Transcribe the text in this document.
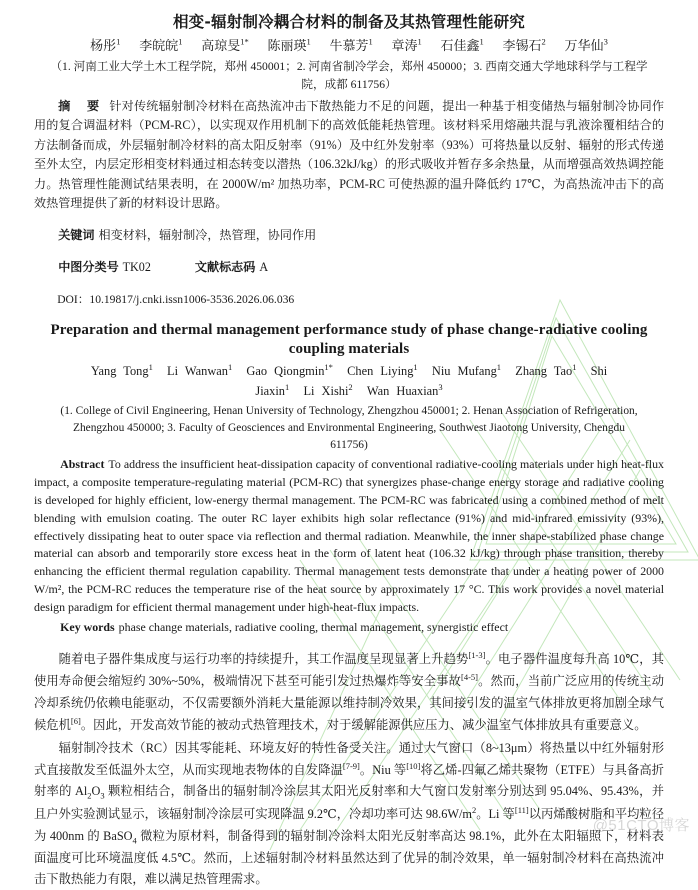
@51CTO博客
相变-辐射制冷耦合材料的制备及其热管理性能研究
杨彤$^1$ 李皖皖$^1$ 高琼旻$^{1*}$ 陈丽瑛$^1$ 牛慕芳$^1$ 章涛$^1$ 石佳鑫$^1$ 李锡石$^2$ 万华仙$^3$
（1. 河南工业大学土木工程学院，郑州 450001；2. 河南省制冷学会，郑州 450000；3. 西南交通大学地球科学与工程学院，成都 611756）

摘 要 针对传统辐射制冷材料在高热流冲击下散热能力不足的问题，提出一种基于相变储热与辐射制冷协同作用的复合调温材料（PCM-RC），以实现双作用机制下的高效低能耗热管理。该材料采用熔融共混与乳液涂覆相结合的方法制备而成，外层辐射制冷材料的高太阳反射率（91%）及中红外发射率（93%）可将热量以反射、辐射的形式传递至外太空，内层定形相变材料通过相态转变以潜热（106.32kJ/kg）的形式吸收并暂存多余热量，从而增强高效热调控能力。热管理性能测试结果表明，在 2000W/m² 加热功率，PCM-RC 可使热源的温升降低约 17℃，为高热流冲击下的高效热管理提供了新的材料设计思路。

关键词 相变材料，辐射制冷，热管理，协同作用

中图分类号 TK02	文献标志码 A

DOI：10.19817/j.cnki.issn1006-3536.2026.06.036

Preparation and thermal management performance study of phase change-radiative cooling coupling materials
Yang Tong$^1$ Li Wanwan$^1$ Gao Qiongmin$^{1*}$ Chen Liying$^1$ Niu Mufang$^1$ Zhang Tao$^1$ Shi Jiaxin$^1$ Li Xishi$^2$ Wan Huaxian$^3$
(1. College of Civil Engineering, Henan University of Technology, Zhengzhou 450001; 2. Henan Association of Refrigeration, Zhengzhou 450000; 3. Faculty of Geosciences and Environmental Engineering, Southwest Jiaotong University, Chengdu 611756)

Abstract To address the insufficient heat-dissipation capacity of conventional radiative-cooling materials under high heat-flux impact, a composite temperature-regulating material (PCM-RC) that synergizes phase-change energy storage and radiative cooling is developed for highly efficient, low-energy thermal management. The PCM-RC was fabricated using a combined method of melt blending with emulsion coating. The outer RC layer exhibits high solar reflectance (91%) and mid-infrared emissivity (93%), effectively dissipating heat to outer space via reflection and thermal radiation. Meanwhile, the inner shape-stabilized phase change material can absorb and temporarily store excess heat in the form of latent heat (106.32 kJ/kg) through phase transition, thereby enhancing the efficient thermal regulation capability. Thermal management tests demonstrate that under a heating power of 2000 W/m², the PCM-RC reduces the temperature rise of the heat source by approximately 17 °C. This work provides a novel material design paradigm for efficient thermal management under high-heat-flux impacts.

Key words phase change materials, radiative cooling, thermal management, synergistic effect

随着电子器件集成度与运行功率的持续提升，其工作温度呈现显著上升趋势[1-3]。电子器件温度每升高 10℃，其使用寿命便会缩短约 30%~50%，极端情况下甚至可能引发过热爆炸等安全事故[4-5]。然而，当前广泛应用的传统主动冷却系统仍依赖电能驱动，不仅需要额外消耗大量能源以维持制冷效果，其间接引发的温室气体排放更将加剧全球气候危机[6]。因此，开发高效节能的被动式热管理技术，对于缓解能源供应压力、减少温室气体排放具有重要意义。

辐射制冷技术（RC）因其零能耗、环境友好的特性备受关注。通过大气窗口（8~13μm）将热量以中红外辐射形式直接散发至低温外太空，从而实现地表物体的自发降温[7-9]。Niu 等[10]将乙烯-四氟乙烯共聚物（ETFE）与具备高折射率的 $Al_2O_3$ 颗粒相结合，制备出的辐射制冷涂层其太阳光反射率和大气窗口发射率分别达到 95.04%、95.43%，并且户外实验测试显示，该辐射制冷涂层可实现降温 9.2℃，冷却功率可达 $98.6W/m^2$。Li 等[11]以丙烯酸树脂和平均粒径为 400nm 的 BaSO$_4$ 微粒为原材料，制备得到的辐射制冷涂料太阳光反射率高达 98.1%，此外在太阳辐照下，材料表面温度可比环境温度低 4.5℃。然而，上述辐射制冷材料虽然达到了优异的制冷效果，单一辐射制冷材料在高热流冲击下散热能力有限，难以满足热管理需求。
